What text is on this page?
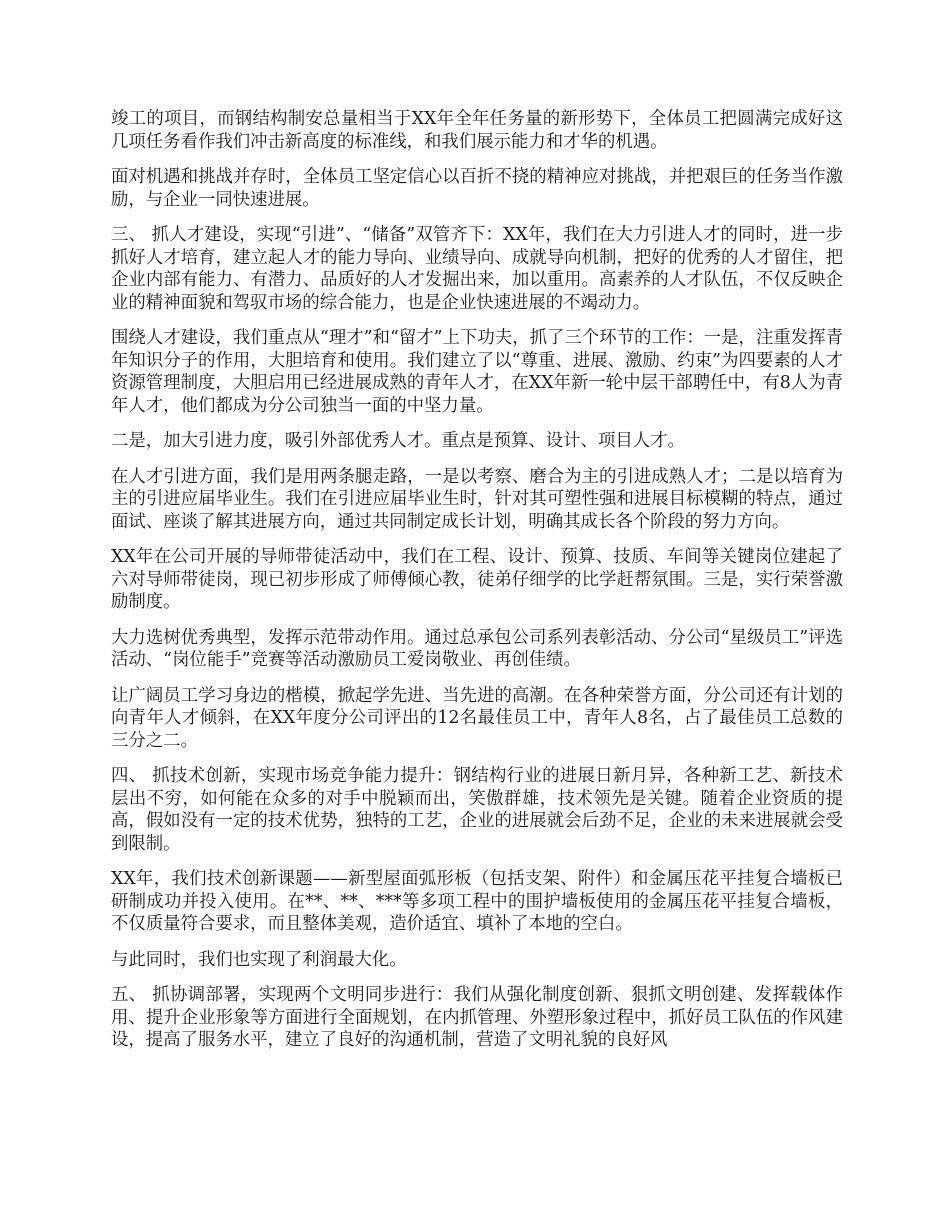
竣工的项目，而钢结构制安总量相当于XX年全年任务量的新形势下，全体员工把圆满完成好这几项任务看作我们冲击新高度的标准线，和我们展示能力和才华的机遇。

面对机遇和挑战并存时，全体员工坚定信心以百折不挠的精神应对挑战，并把艰巨的任务当作激励，与企业一同快速进展。

三、 抓人才建设，实现“引进”、“储备”双管齐下：XX年，我们在大力引进人才的同时，进一步抓好人才培育，建立起人才的能力导向、业绩导向、成就导向机制，把好的优秀的人才留住，把企业内部有能力、有潜力、品质好的人才发掘出来，加以重用。高素养的人才队伍，不仅反映企业的精神面貌和驾驭市场的综合能力，也是企业快速进展的不竭动力。

围绕人才建设，我们重点从“理才”和“留才”上下功夫，抓了三个环节的工作：一是，注重发挥青年知识分子的作用，大胆培育和使用。我们建立了以“尊重、进展、激励、约束”为四要素的人才资源管理制度，大胆启用已经进展成熟的青年人才，在XX年新一轮中层干部聘任中，有8人为青年人才，他们都成为分公司独当一面的中坚力量。

二是，加大引进力度，吸引外部优秀人才。重点是预算、设计、项目人才。

在人才引进方面，我们是用两条腿走路，一是以考察、磨合为主的引进成熟人才；二是以培育为主的引进应届毕业生。我们在引进应届毕业生时，针对其可塑性强和进展目标模糊的特点，通过面试、座谈了解其进展方向，通过共同制定成长计划，明确其成长各个阶段的努力方向。

XX年在公司开展的导师带徒活动中，我们在工程、设计、预算、技质、车间等关键岗位建起了六对导师带徒岗，现已初步形成了师傅倾心教，徒弟仔细学的比学赶帮氛围。三是，实行荣誉激励制度。

大力选树优秀典型，发挥示范带动作用。通过总承包公司系列表彰活动、分公司“星级员工”评选活动、“岗位能手”竞赛等活动激励员工爱岗敬业、再创佳绩。

让广阔员工学习身边的楷模，掀起学先进、当先进的高潮。在各种荣誉方面，分公司还有计划的向青年人才倾斜，在XX年度分公司评出的12名最佳员工中，青年人8名，占了最佳员工总数的三分之二。

四、 抓技术创新，实现市场竞争能力提升：钢结构行业的进展日新月异，各种新工艺、新技术层出不穷，如何能在众多的对手中脱颖而出，笑傲群雄，技术领先是关键。随着企业资质的提高，假如没有一定的技术优势，独特的工艺，企业的进展就会后劲不足，企业的未来进展就会受到限制。

XX年，我们技术创新课题——新型屋面弧形板（包括支架、附件）和金属压花平挂复合墙板已研制成功并投入使用。在**、**、***等多项工程中的围护墙板使用的金属压花平挂复合墙板，不仅质量符合要求，而且整体美观，造价适宜、填补了本地的空白。

与此同时，我们也实现了利润最大化。

五、 抓协调部署，实现两个文明同步进行：我们从强化制度创新、狠抓文明创建、发挥载体作用、提升企业形象等方面进行全面规划，在内抓管理、外塑形象过程中，抓好员工队伍的作风建设，提高了服务水平，建立了良好的沟通机制，营造了文明礼貌的良好风
